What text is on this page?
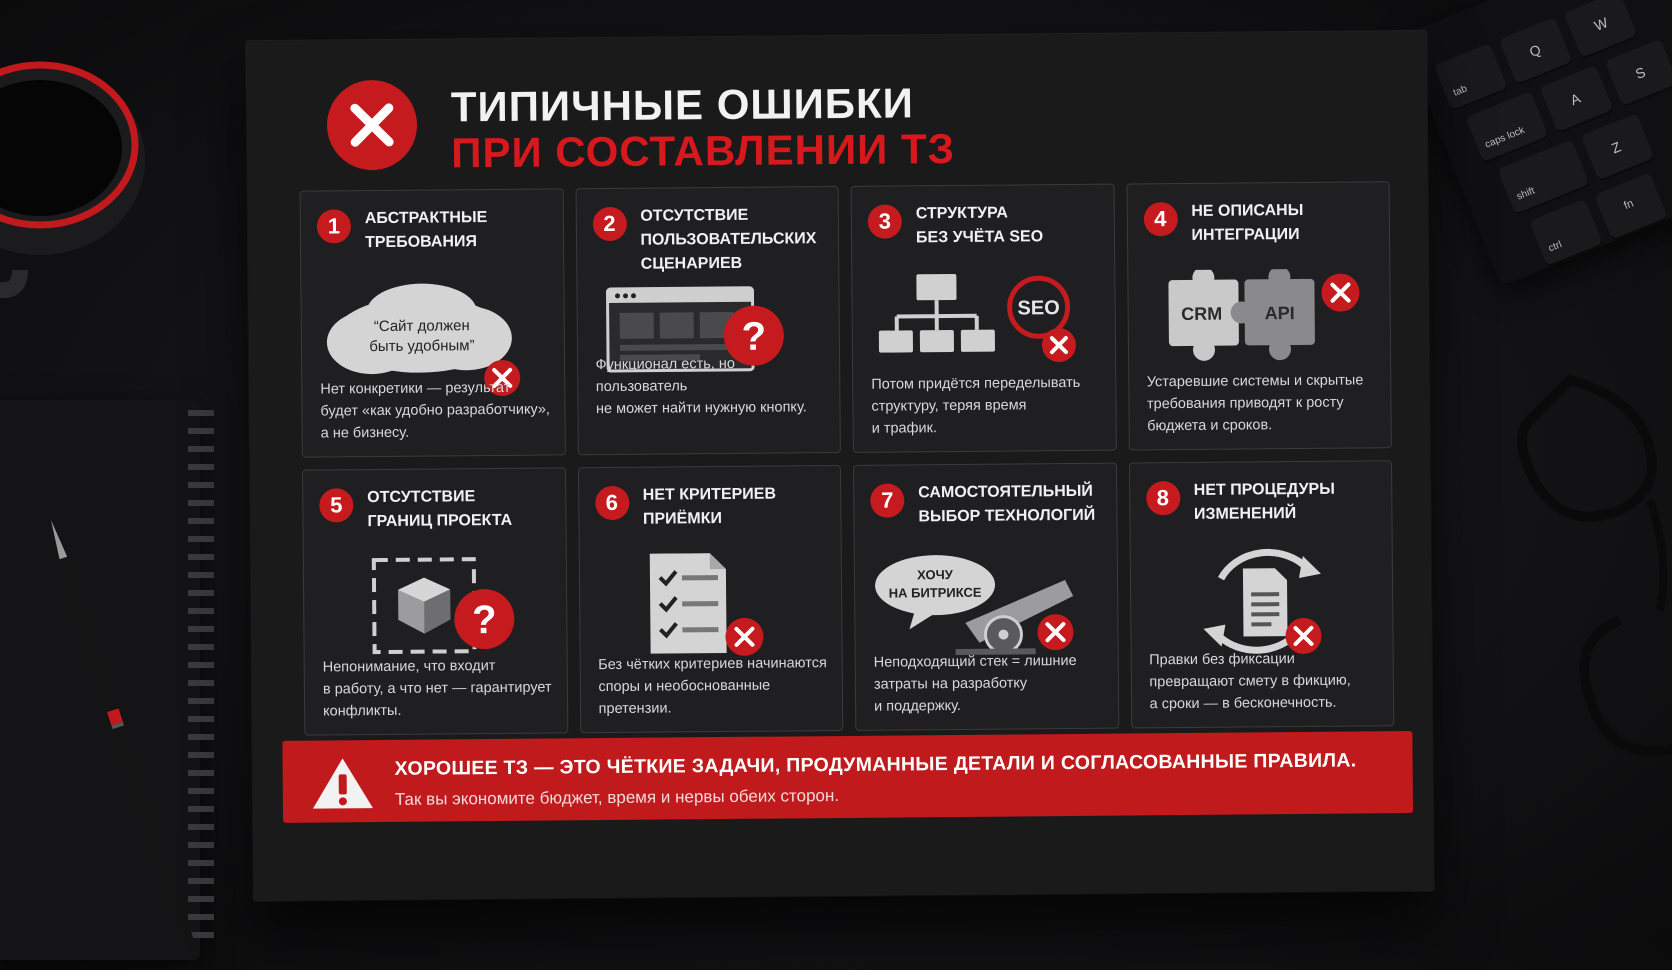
tab
Q
W
caps lock
A
S
shift
Z
ctrl
fn
ТИПИЧНЫЕ ОШИБКИ
ПРИ СОСТАВЛЕНИИ ТЗ
1	АБСТРАКТНЫЕ
ТРЕБОВАНИЯ
“Сайт должен
быть удобным”
Нет конкретики — результат
будет «как удобно разработчику»,
а не бизнесу.
2	ОТСУТСТВИЕ
ПОЛЬЗОВАТЕЛЬСКИХ
СЦЕНАРИЕВ
?
Функционал есть, но пользователь
не может найти нужную кнопку.
3	СТРУКТУРА
БЕЗ УЧЁТА SEO
SEO
Потом придётся переделывать
структуру, теряя время
и трафик.
4	НЕ ОПИСАНЫ
ИНТЕГРАЦИИ
CRM API
Устаревшие системы и скрытые
требования приводят к росту
бюджета и сроков.
5	ОТСУТСТВИЕ
ГРАНИЦ ПРОЕКТА
?
Непонимание, что входит
в работу, а что нет — гарантирует
конфликты.
6	НЕТ КРИТЕРИЕВ
ПРИЁМКИ
Без чётких критериев начинаются
споры и необоснованные
претензии.
7	САМОСТОЯТЕЛЬНЫЙ
ВЫБОР ТЕХНОЛОГИЙ
ХОЧУ
НА БИТРИКСЕ
Неподходящий стек = лишние
затраты на разработку
и поддержку.
8	НЕТ ПРОЦЕДУРЫ
ИЗМЕНЕНИЙ
Правки без фиксации
превращают смету в фикцию,
а сроки — в бесконечность.
ХОРОШЕЕ ТЗ — ЭТО ЧЁТКИЕ ЗАДАЧИ, ПРОДУМАННЫЕ ДЕТАЛИ И СОГЛАСОВАННЫЕ ПРАВИЛА.
Так вы экономите бюджет, время и нервы обеих сторон.
